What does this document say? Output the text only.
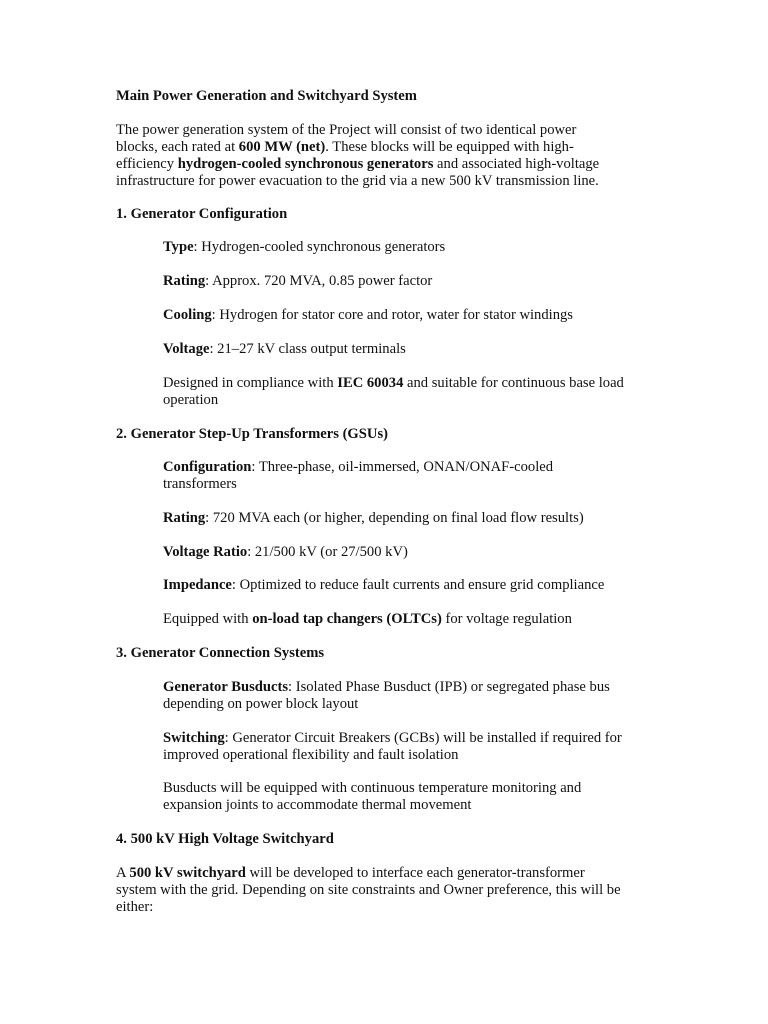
Main Power Generation and Switchyard System
The power generation system of the Project will consist of two identical power
blocks, each rated at 600 MW (net). These blocks will be equipped with high-
efficiency hydrogen-cooled synchronous generators and associated high-voltage
infrastructure for power evacuation to the grid via a new 500 kV transmission line.
1. Generator Configuration
Type: Hydrogen-cooled synchronous generators
Rating: Approx. 720 MVA, 0.85 power factor
Cooling: Hydrogen for stator core and rotor, water for stator windings
Voltage: 21–27 kV class output terminals
Designed in compliance with IEC 60034 and suitable for continuous base load
operation
2. Generator Step-Up Transformers (GSUs)
Configuration: Three-phase, oil-immersed, ONAN/ONAF-cooled
transformers
Rating: 720 MVA each (or higher, depending on final load flow results)
Voltage Ratio: 21/500 kV (or 27/500 kV)
Impedance: Optimized to reduce fault currents and ensure grid compliance
Equipped with on-load tap changers (OLTCs) for voltage regulation
3. Generator Connection Systems
Generator Busducts: Isolated Phase Busduct (IPB) or segregated phase bus
depending on power block layout
Switching: Generator Circuit Breakers (GCBs) will be installed if required for
improved operational flexibility and fault isolation
Busducts will be equipped with continuous temperature monitoring and
expansion joints to accommodate thermal movement
4. 500 kV High Voltage Switchyard
A 500 kV switchyard will be developed to interface each generator-transformer
system with the grid. Depending on site constraints and Owner preference, this will be
either:
